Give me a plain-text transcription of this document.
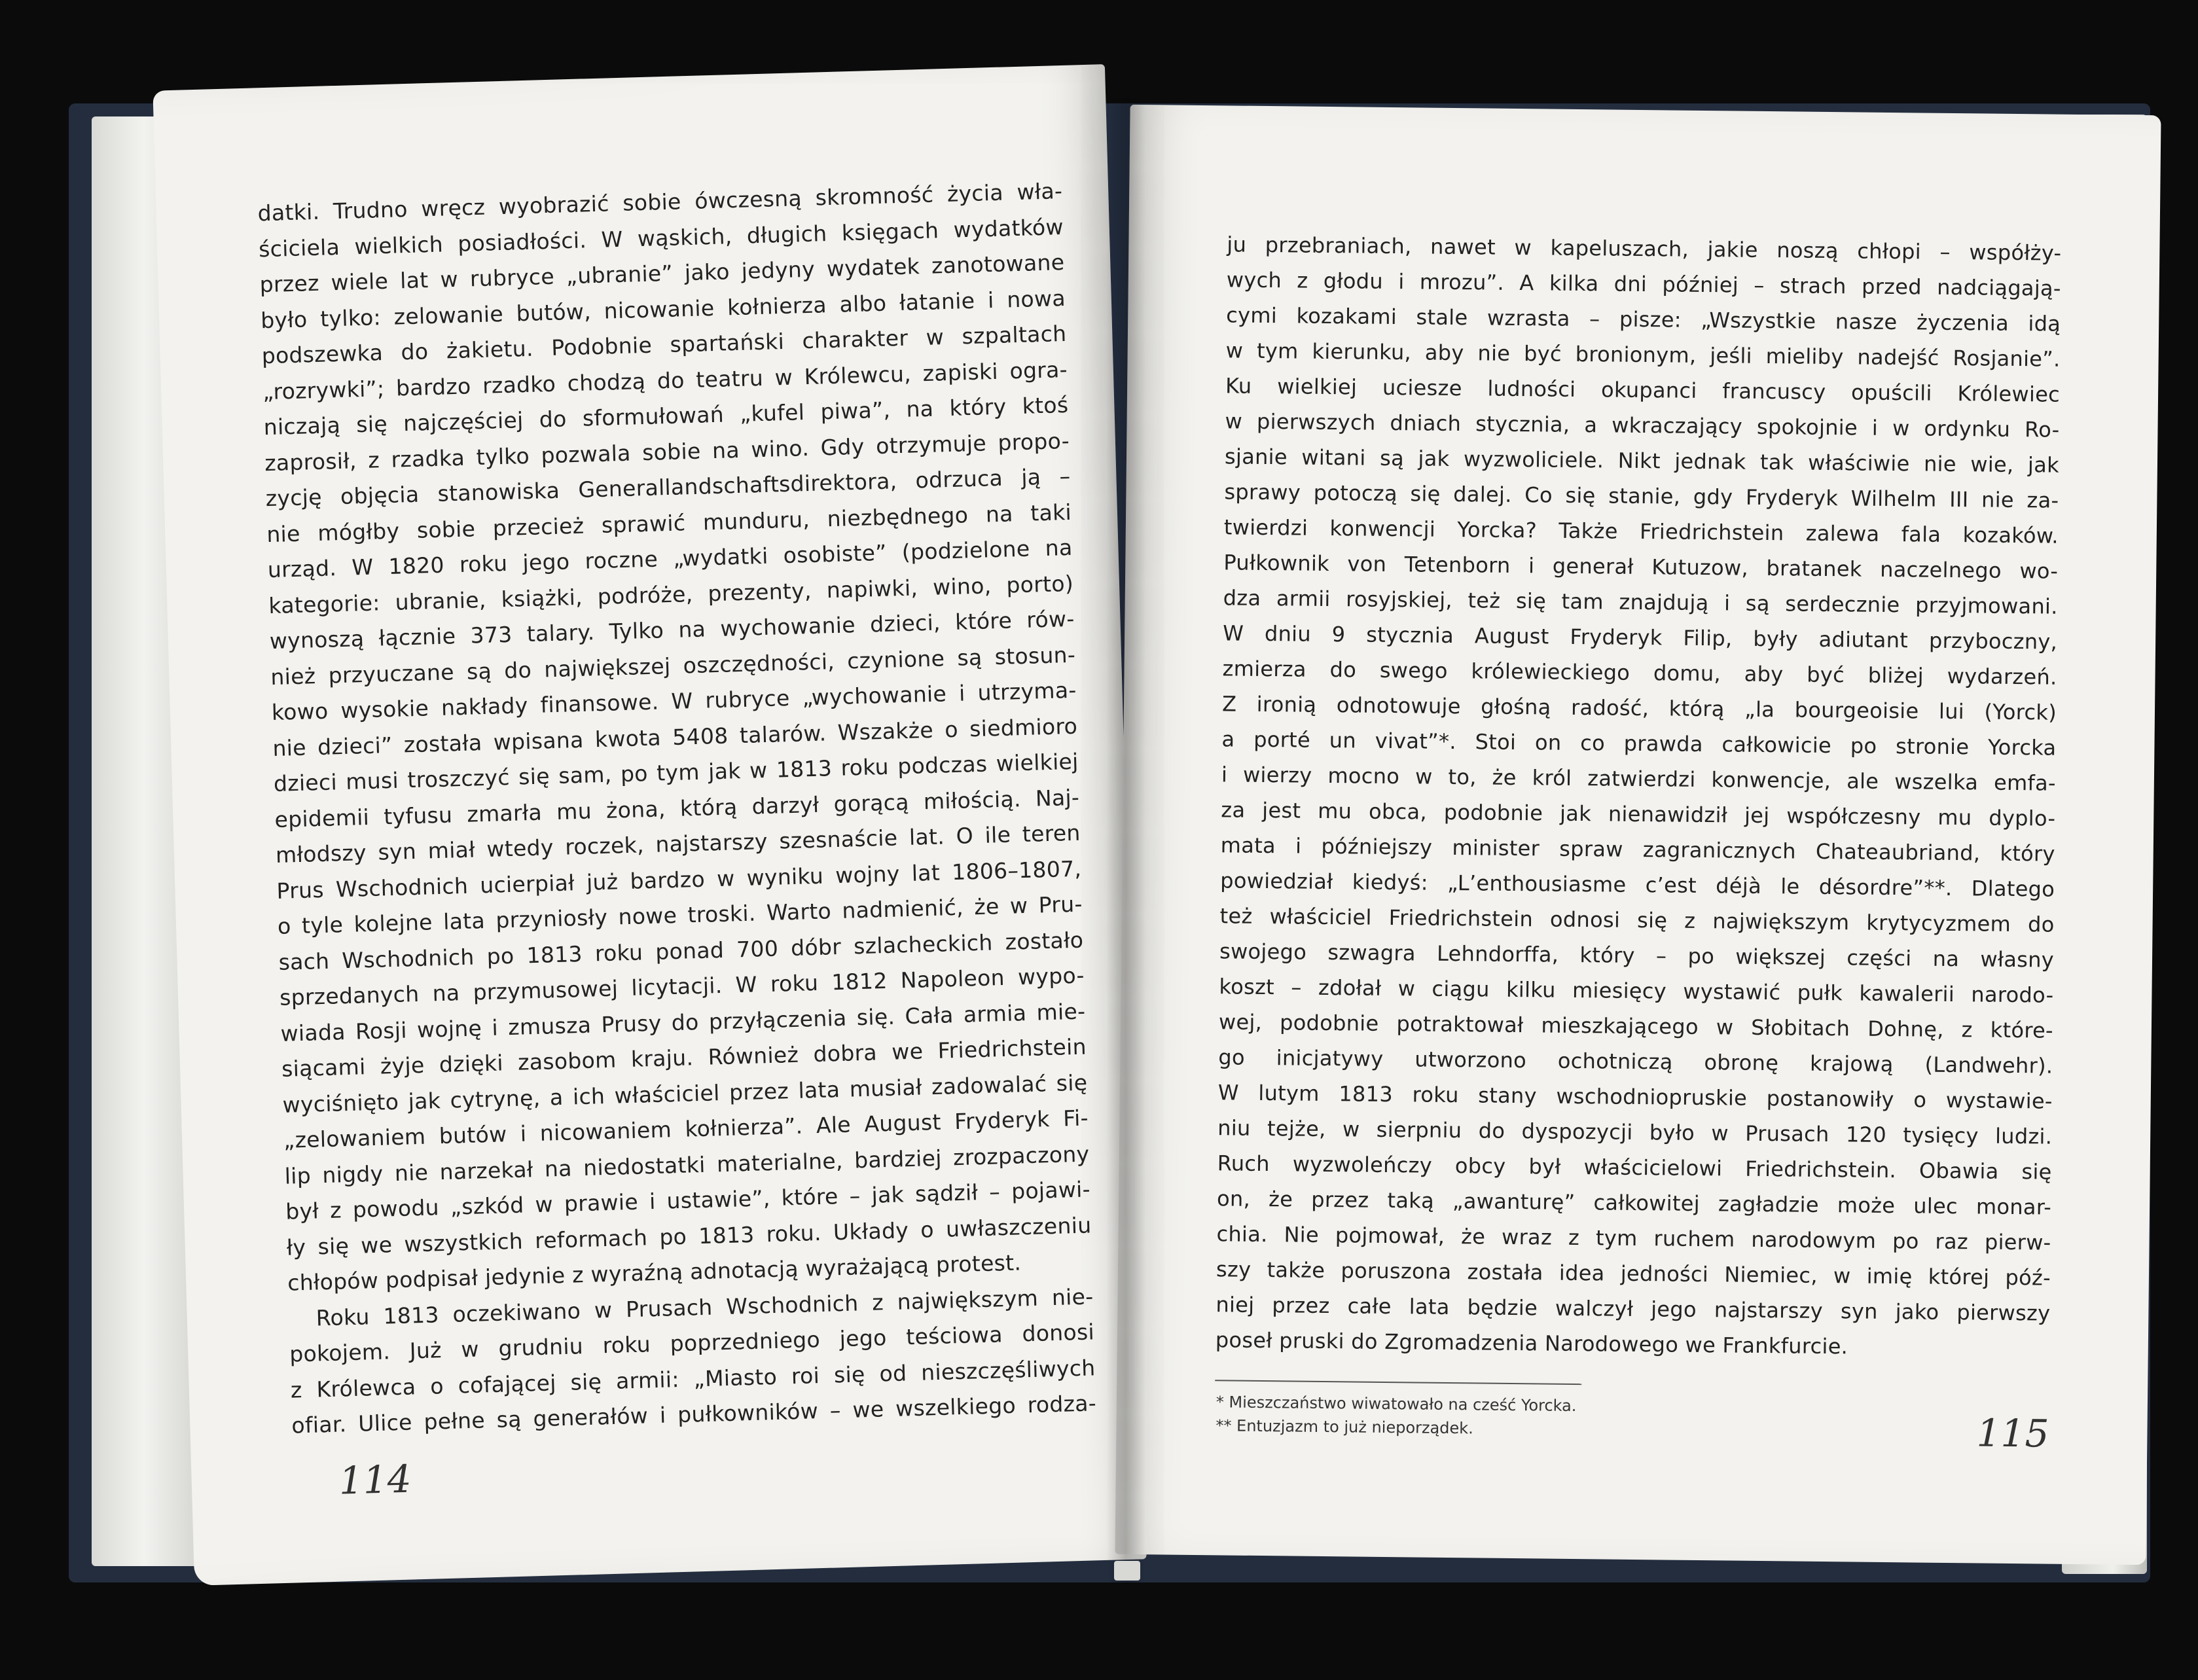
datki. Trudno wręcz wyobrazić sobie ówczesną skromność życia wła-
ściciela wielkich posiadłości. W wąskich, długich księgach wydatków
przez wiele lat w rubryce „ubranie” jako jedyny wydatek zanotowane
było tylko: zelowanie butów, nicowanie kołnierza albo łatanie i nowa
podszewka do żakietu. Podobnie spartański charakter w szpaltach
„rozrywki”; bardzo rzadko chodzą do teatru w Królewcu, zapiski ogra-
niczają się najczęściej do sformułowań „kufel piwa”, na który ktoś
zaprosił, z rzadka tylko pozwala sobie na wino. Gdy otrzymuje propo-
zycję objęcia stanowiska Generallandschaftsdirektora, odrzuca ją –
nie mógłby sobie przecież sprawić munduru, niezbędnego na taki
urząd. W 1820 roku jego roczne „wydatki osobiste” (podzielone na
kategorie: ubranie, książki, podróże, prezenty, napiwki, wino, porto)
wynoszą łącznie 373 talary. Tylko na wychowanie dzieci, które rów-
nież przyuczane są do największej oszczędności, czynione są stosun-
kowo wysokie nakłady finansowe. W rubryce „wychowanie i utrzyma-
nie dzieci” została wpisana kwota 5408 talarów. Wszakże o siedmioro
dzieci musi troszczyć się sam, po tym jak w 1813 roku podczas wielkiej
epidemii tyfusu zmarła mu żona, którą darzył gorącą miłością. Naj-
młodszy syn miał wtedy roczek, najstarszy szesnaście lat. O ile teren
Prus Wschodnich ucierpiał już bardzo w wyniku wojny lat 1806–1807,
o tyle kolejne lata przyniosły nowe troski. Warto nadmienić, że w Pru-
sach Wschodnich po 1813 roku ponad 700 dóbr szlacheckich zostało
sprzedanych na przymusowej licytacji. W roku 1812 Napoleon wypo-
wiada Rosji wojnę i zmusza Prusy do przyłączenia się. Cała armia mie-
siącami żyje dzięki zasobom kraju. Również dobra we Friedrichstein
wyciśnięto jak cytrynę, a ich właściciel przez lata musiał zadowalać się
„zelowaniem butów i nicowaniem kołnierza”. Ale August Fryderyk Fi-
lip nigdy nie narzekał na niedostatki materialne, bardziej zrozpaczony
był z powodu „szkód w prawie i ustawie”, które – jak sądził – pojawi-
ły się we wszystkich reformach po 1813 roku. Układy o uwłaszczeniu
chłopów podpisał jedynie z wyraźną adnotacją wyrażającą protest.
Roku 1813 oczekiwano w Prusach Wschodnich z największym nie-
pokojem. Już w grudniu roku poprzedniego jego teściowa donosi
z Królewca o cofającej się armii: „Miasto roi się od nieszczęśliwych
ofiar. Ulice pełne są generałów i pułkowników – we wszelkiego rodza-
114
ju przebraniach, nawet w kapeluszach, jakie noszą chłopi – współży-
wych z głodu i mrozu”. A kilka dni później – strach przed nadciągają-
cymi kozakami stale wzrasta – pisze: „Wszystkie nasze życzenia idą
w tym kierunku, aby nie być bronionym, jeśli mieliby nadejść Rosjanie”.
Ku wielkiej uciesze ludności okupanci francuscy opuścili Królewiec
w pierwszych dniach stycznia, a wkraczający spokojnie i w ordynku Ro-
sjanie witani są jak wyzwoliciele. Nikt jednak tak właściwie nie wie, jak
sprawy potoczą się dalej. Co się stanie, gdy Fryderyk Wilhelm III nie za-
twierdzi konwencji Yorcka? Także Friedrichstein zalewa fala kozaków.
Pułkownik von Tetenborn i generał Kutuzow, bratanek naczelnego wo-
dza armii rosyjskiej, też się tam znajdują i są serdecznie przyjmowani.
W dniu 9 stycznia August Fryderyk Filip, były adiutant przyboczny,
zmierza do swego królewieckiego domu, aby być bliżej wydarzeń.
Z ironią odnotowuje głośną radość, którą „la bourgeoisie lui (Yorck)
a porté un vivat”*. Stoi on co prawda całkowicie po stronie Yorcka
i wierzy mocno w to, że król zatwierdzi konwencje, ale wszelka emfa-
za jest mu obca, podobnie jak nienawidził jej współczesny mu dyplo-
mata i późniejszy minister spraw zagranicznych Chateaubriand, który
powiedział kiedyś: „L’enthousiasme c’est déjà le désordre”**. Dlatego
też właściciel Friedrichstein odnosi się z największym krytycyzmem do
swojego szwagra Lehndorffa, który – po większej części na własny
koszt – zdołał w ciągu kilku miesięcy wystawić pułk kawalerii narodo-
wej, podobnie potraktował mieszkającego w Słobitach Dohnę, z które-
go inicjatywy utworzono ochotniczą obronę krajową (Landwehr).
W lutym 1813 roku stany wschodniopruskie postanowiły o wystawie-
niu tejże, w sierpniu do dyspozycji było w Prusach 120 tysięcy ludzi.
Ruch wyzwoleńczy obcy był właścicielowi Friedrichstein. Obawia się
on, że przez taką „awanturę” całkowitej zagładzie może ulec monar-
chia. Nie pojmował, że wraz z tym ruchem narodowym po raz pierw-
szy także poruszona została idea jedności Niemiec, w imię której póź-
niej przez całe lata będzie walczył jego najstarszy syn jako pierwszy
poseł pruski do Zgromadzenia Narodowego we Frankfurcie.
* Mieszczaństwo wiwatowało na cześć Yorcka.
** Entuzjazm to już nieporządek.	115
